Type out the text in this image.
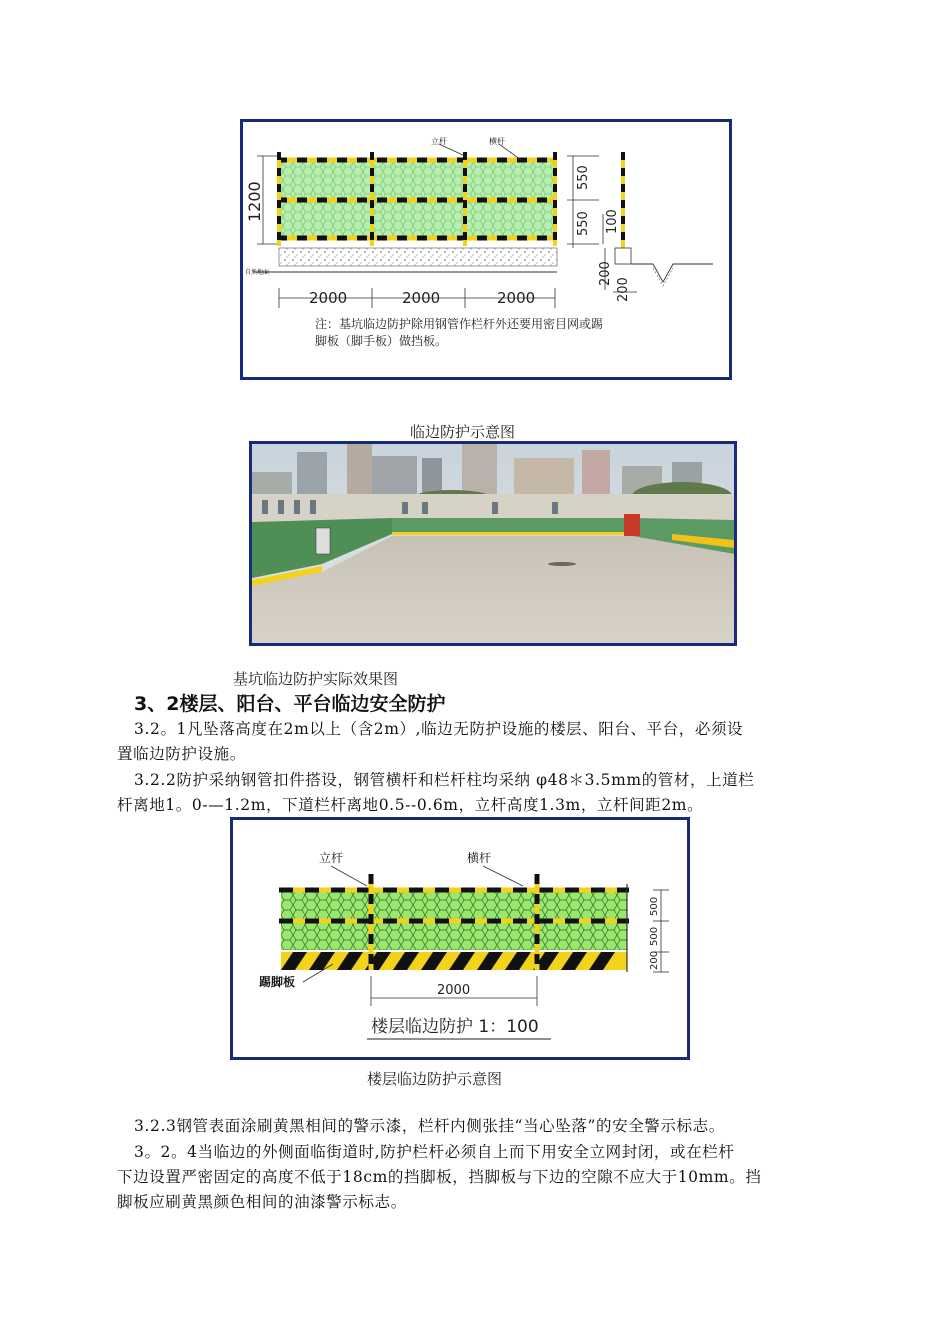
立杆	横杆
1200
自然地面
2000	2000	2000
注：基坑临边防护除用钢管作栏杆外还要用密目网或踢
脚板（脚手板）做挡板。
550
550 100
200
200
临边防护示意图
基坑临边防护实际效果图
3、2楼层、阳台、平台临边安全防护
3.2。1凡坠落高度在2m以上（含2m）,临边无防护设施的楼层、阳台、平台，必须设
置临边防护设施。
3.2.2防护采纳钢管扣件搭设，钢管横杆和栏杆柱均采纳 φ48＊3.5mm的管材，上道栏
杆离地1。0-—1.2m，下道栏杆离地0.5--0.6m，立杆高度1.3m，立杆间距2m。
立杆	横杆
踢脚板
500
500
200
2000
楼层临边防护 1：100
楼层临边防护示意图
3.2.3钢管表面涂刷黄黑相间的警示漆，栏杆内侧张挂“当心坠落”的安全警示标志。
3。2。4当临边的外侧面临街道时,防护栏杆必须自上而下用安全立网封闭，或在栏杆
下边设置严密固定的高度不低于18cm的挡脚板，挡脚板与下边的空隙不应大于10mm。挡
脚板应刷黄黑颜色相间的油漆警示标志。
